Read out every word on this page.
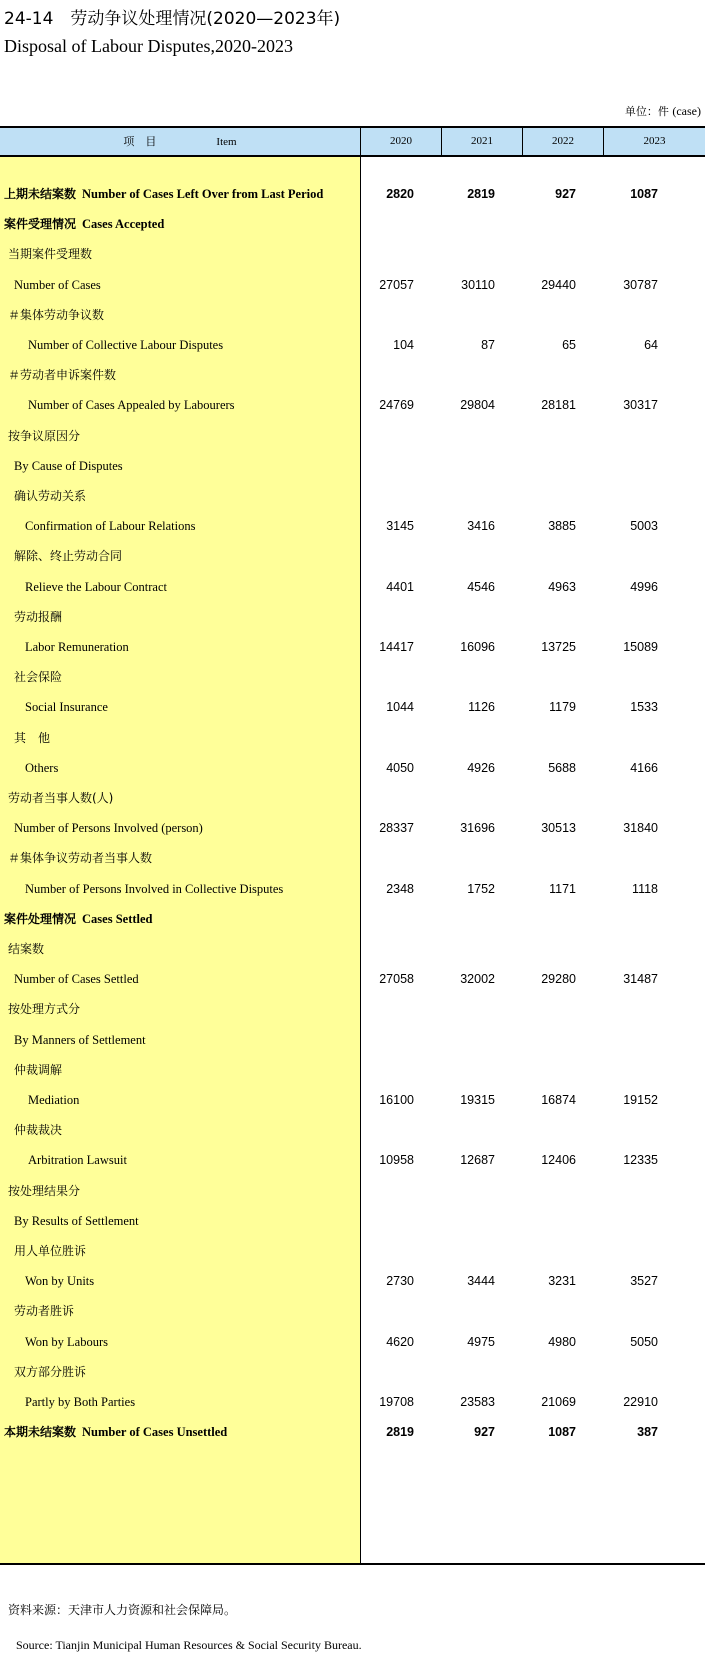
24-14　劳动争议处理情况(2020—2023年)
Disposal of Labour Disputes,2020-2023
单位：件 (case)
项　目	Item	2020	2021	2022	2023
上期未结案数 Number of Cases Left Over from Last Period	2820	2819	927	1087
案件受理情况 Cases Accepted
当期案件受理数
Number of Cases	27057	30110	29440	30787
＃集体劳动争议数
Number of Collective Labour Disputes	104	87	65	64
＃劳动者申诉案件数
Number of Cases Appealed by Labourers	24769	29804	28181	30317
按争议原因分
By Cause of Disputes
确认劳动关系
Confirmation of Labour Relations	3145	3416	3885	5003
解除、终止劳动合同
Relieve the Labour Contract	4401	4546	4963	4996
劳动报酬
Labor Remuneration	14417	16096	13725	15089
社会保险
Social Insurance	1044	1126	1179	1533
其　他
Others	4050	4926	5688	4166
劳动者当事人数(人)
Number of Persons Involved (person)	28337	31696	30513	31840
＃集体争议劳动者当事人数
Number of Persons Involved in Collective Disputes	2348	1752	1171	1118
案件处理情况 Cases Settled
结案数
Number of Cases Settled	27058	32002	29280	31487
按处理方式分
By Manners of Settlement
仲裁调解
Mediation	16100	19315	16874	19152
仲裁裁决
Arbitration Lawsuit	10958	12687	12406	12335
按处理结果分
By Results of Settlement
用人单位胜诉
Won by Units	2730	3444	3231	3527
劳动者胜诉
Won by Labours	4620	4975	4980	5050
双方部分胜诉
Partly by Both Parties	19708	23583	21069	22910
本期未结案数 Number of Cases Unsettled	2819	927	1087	387
资料来源：天津市人力资源和社会保障局。
Source: Tianjin Municipal Human Resources & Social Security Bureau.
